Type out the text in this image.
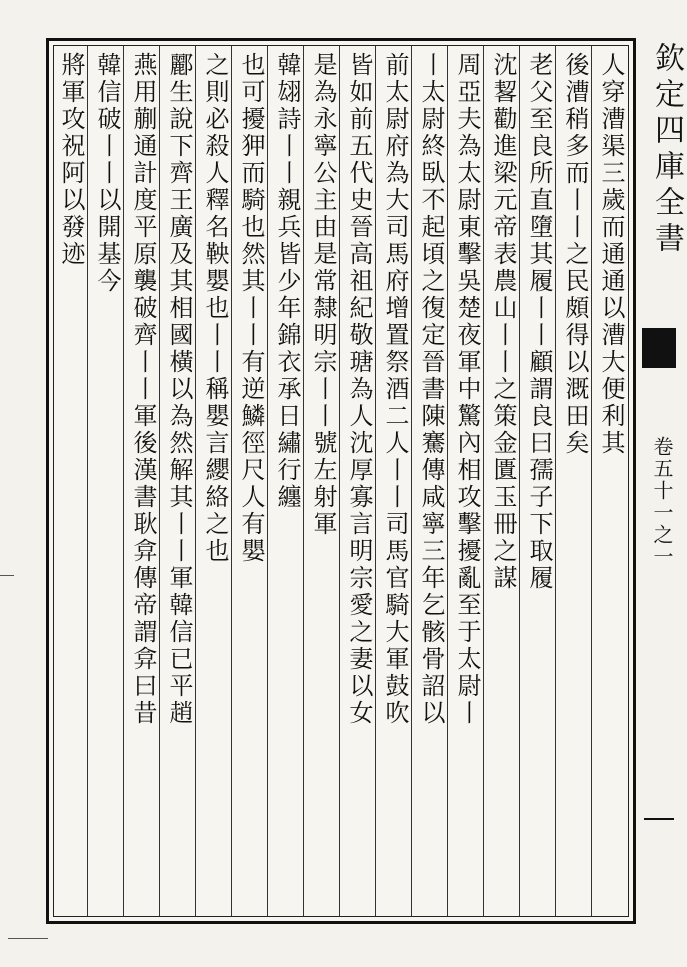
欽定四庫全書
卷五十一之一
人穿漕渠三歲而通通以漕大便利其
後漕稍多而丨丨之民頗得以溉田矣
老父至良所直墮其履丨丨顧謂良曰孺子下取履
沈㗉勸進梁元帝表農山丨丨之策金匱玉冊之謀
周亞夫為太尉東擊吳楚夜軍中驚內相攻擊擾亂至于太尉丨
丨太尉終臥不起頃之復定晉書陳騫傳咸寧三年乞骸骨詔以
前太尉府為大司馬府增置祭酒二人丨丨司馬官騎大軍鼓吹
皆如前五代史晉高祖紀敬瑭為人沈厚寡言明宗愛之妻以女
是為永寧公主由是常隸明宗丨丨號左射軍
韓翃詩丨丨親兵皆少年錦衣承日繡行纏
也可擾狎而騎也然其丨丨有逆鱗徑尺人有嬰
之則必殺人釋名鞅嬰也丨丨稱嬰言纓絡之也
酈生說下齊王廣及其相國橫以為然解其丨丨軍韓信已平趙
燕用蒯通計度平原襲破齊丨丨軍後漢書耿弇傳帝謂弇曰昔
韓信破丨丨以開基今
將軍攻祝阿以發迹
